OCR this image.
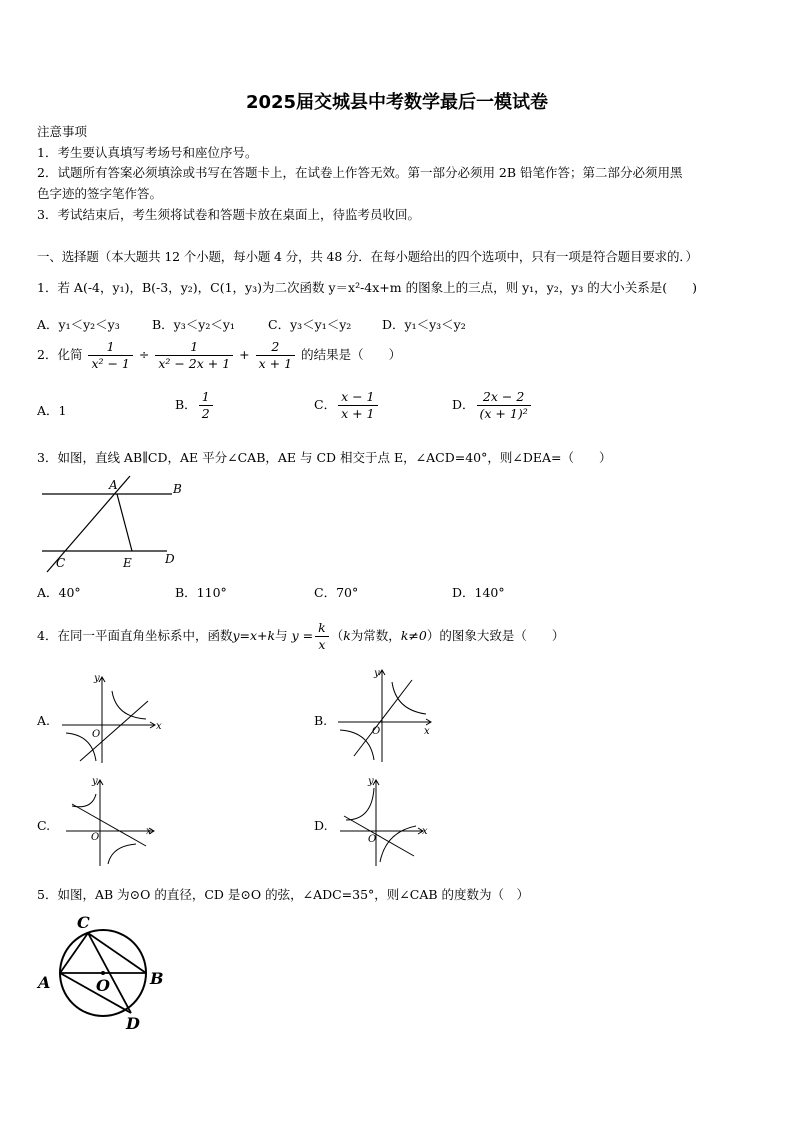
2025届交城县中考数学最后一模试卷
注意事项
1．考生要认真填写考场号和座位序号。
2．试题所有答案必须填涂或书写在答题卡上，在试卷上作答无效。第一部分必须用 2B 铅笔作答；第二部分必须用黑
色字迹的签字笔作答。
3．考试结束后，考生须将试卷和答题卡放在桌面上，待监考员收回。
一、选择题（本大题共 12 个小题，每小题 4 分，共 48 分．在每小题给出的四个选项中，只有一项是符合题目要求的．）
1．若 A(-4，y₁)，B(-3，y₂)，C(1，y₃)为二次函数 y＝x²-4x+m 的图象上的三点，则 y₁，y₂，y₃ 的大小关系是(　　)
A．y₁＜y₂＜y₃	B．y₃＜y₂＜y₁	C．y₃＜y₁＜y₂ D．y₁＜y₃＜y₂
2．化简 $\frac{1}{\text{x² − 1}} \div \frac{1}{\text{x² − 2x + 1}} + \frac{2}{x + 1}$ 的结果是（　　）
A．1	B． $\frac{1}{2}$	C． $\frac{x - 1}{x + 1}$	D． $\frac{2x - 2}{\text{(x + 1)²}}$
3．如图，直线 AB∥CD，AE 平分∠CAB，AE 与 CD 相交于点 E，∠ACD=40°，则∠DEA=（　　）
A	B
C	E	D
A．40°	B．110°	C．70°	D．140°
4．在同一平面直角坐标系中，函数y=x+k与 $y = \frac{k}{x} (k$为常数，k≠0）的图象大致是（　　）
A.	x
y
O
B.
x
y
O
C.	x
y
O
D.	x
y
O
5．如图，AB 为⊙O 的直径，CD 是⊙O 的弦，∠ADC=35°，则∠CAB 的度数为（　）
C
A	B
O
D
